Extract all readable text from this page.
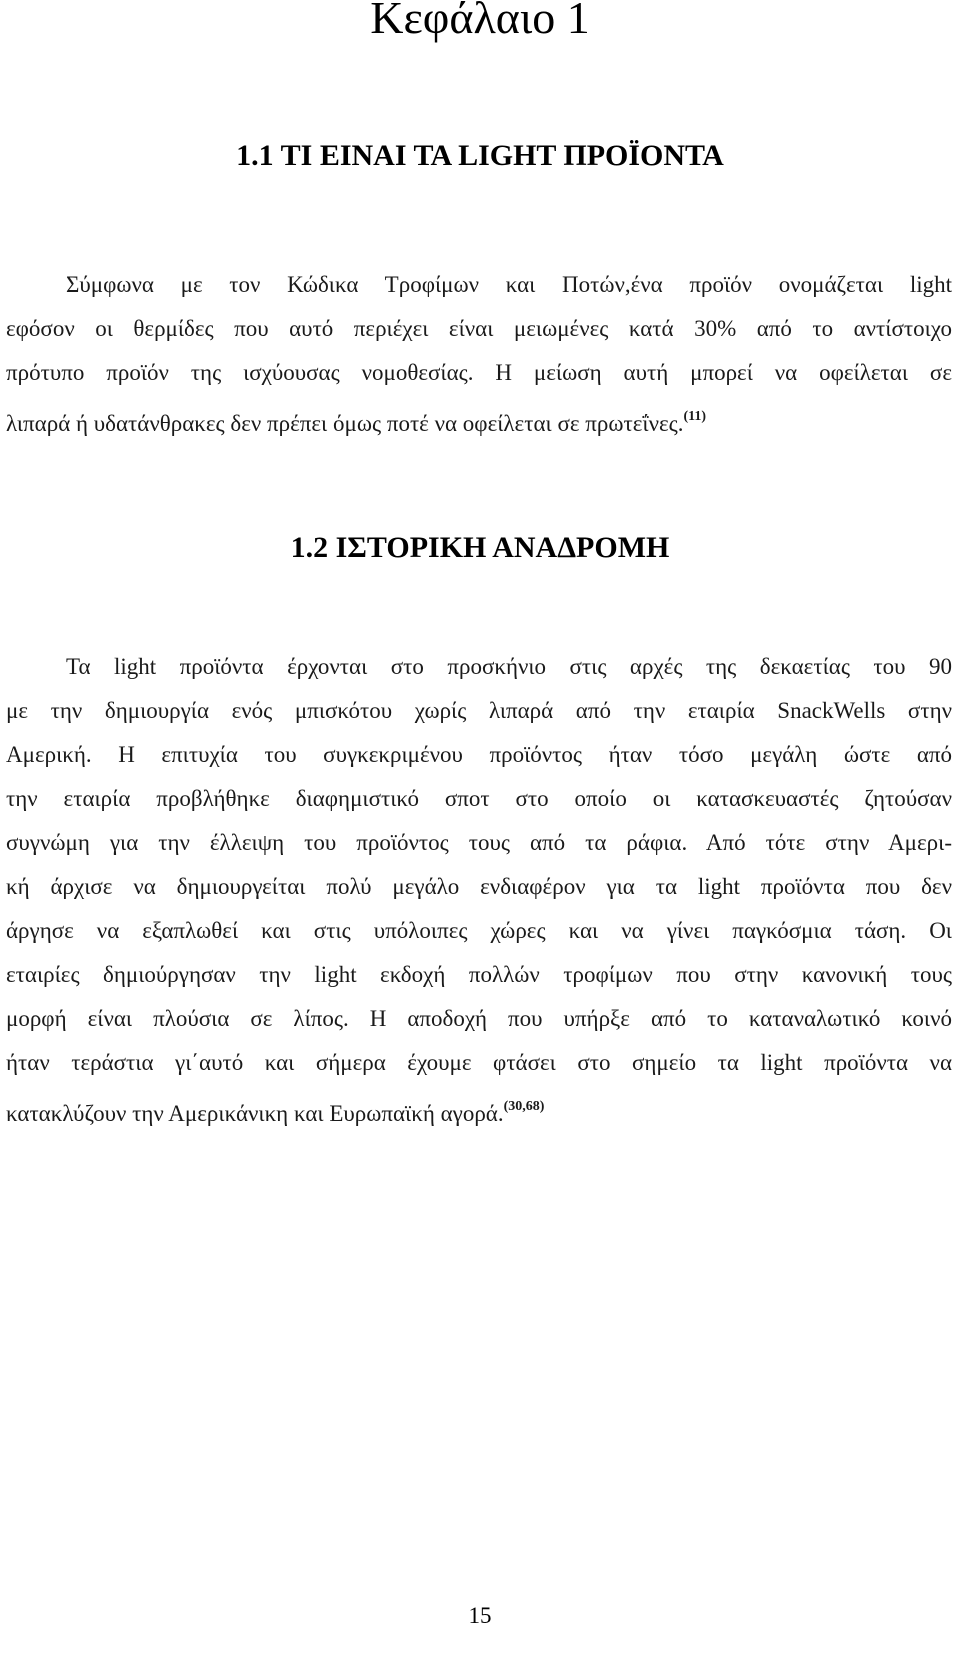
Κεφάλαιο 1
1.1 ΤΙ ΕΙΝΑΙ ΤΑ LIGHT ΠΡΟΪΟΝΤΑ
Σύμφωνα με τον Κώδικα Τροφίμων και Ποτών,ένα προϊόν ονομάζεται light
εφόσον οι θερμίδες που αυτό περιέχει είναι μειωμένες κατά 30% από το αντίστοιχο
πρότυπο προϊόν της ισχύουσας νομοθεσίας. Η μείωση αυτή μπορεί να οφείλεται σε
λιπαρά ή υδατάνθρακες δεν πρέπει όμως ποτέ να οφείλεται σε πρωτεΐνες.$^{(11)}$
1.2 ΙΣΤΟΡΙΚΗ ΑΝΑΔΡΟΜΗ
Τα light προϊόντα έρχονται στο προσκήνιο στις αρχές της δεκαετίας του 90
με την δημιουργία ενός μπισκότου χωρίς λιπαρά από την εταιρία SnackWells στην
Αμερική. Η επιτυχία του συγκεκριμένου προϊόντος ήταν τόσο μεγάλη ώστε από
την εταιρία προβλήθηκε διαφημιστικό σποτ στο οποίο οι κατασκευαστές ζητούσαν
συγνώμη για την έλλειψη του προϊόντος τους από τα ράφια. Από τότε στην Αμερι-
κή άρχισε να δημιουργείται πολύ μεγάλο ενδιαφέρον για τα light προϊόντα που δεν
άργησε να εξαπλωθεί και στις υπόλοιπες χώρες και να γίνει παγκόσμια τάση. Οι
εταιρίες δημιούργησαν την light εκδοχή πολλών τροφίμων που στην κανονική τους
μορφή είναι πλούσια σε λίπος. Η αποδοχή που υπήρξε από το καταναλωτικό κοινό
ήταν τεράστια γι΄αυτό και σήμερα έχουμε φτάσει στο σημείο τα light προϊόντα να
κατακλύζουν την Αμερικάνικη και Ευρωπαϊκή αγορά.$^{(30,68)}$
15
